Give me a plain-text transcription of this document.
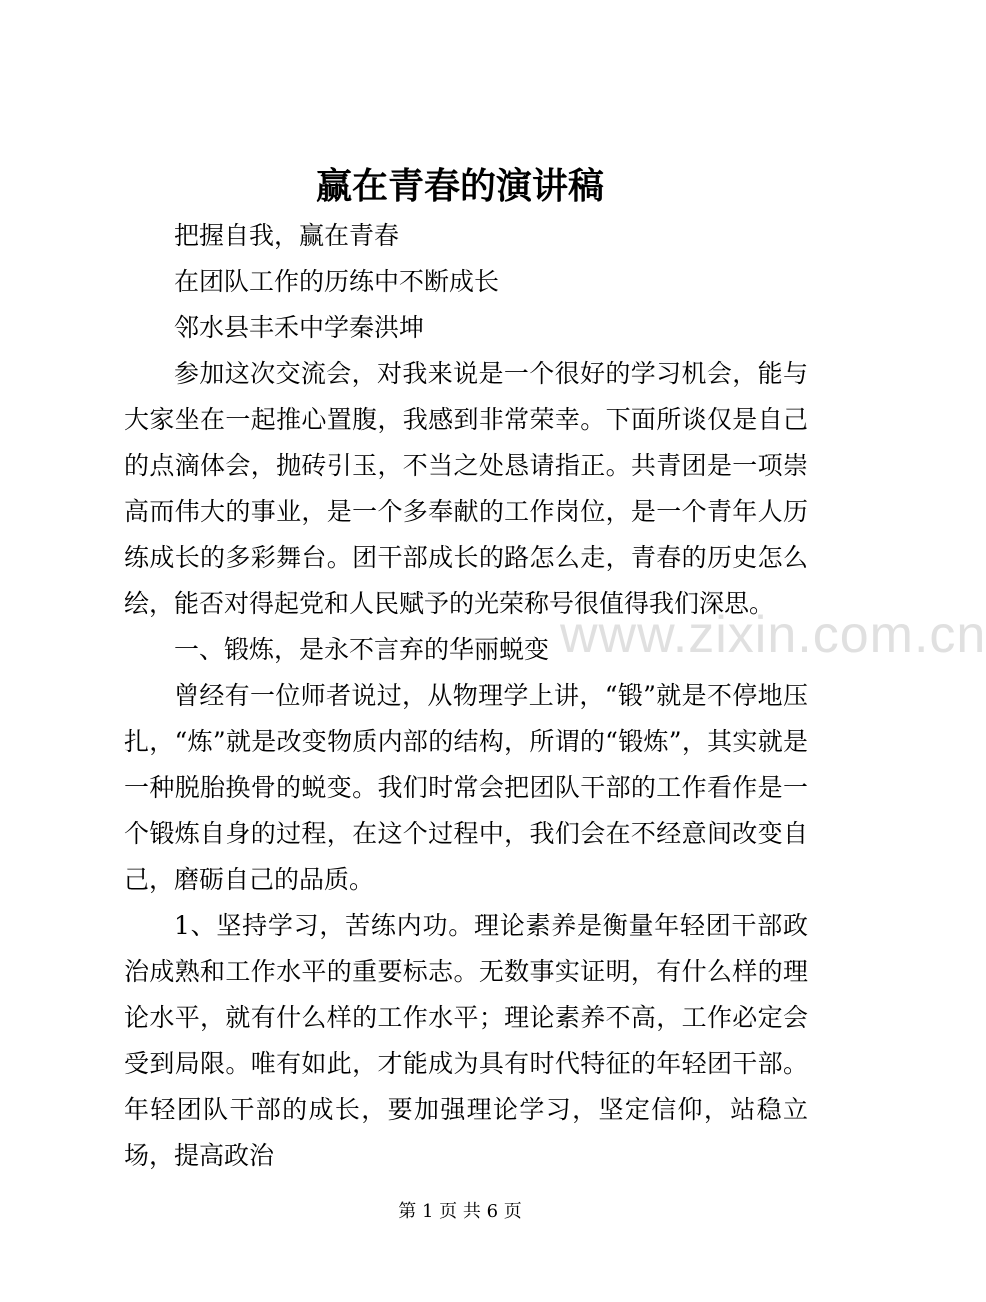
赢在青春的演讲稿

把握自我，赢在青春

在团队工作的历练中不断成长

邻水县丰禾中学秦洪坤

参加这次交流会，对我来说是一个很好的学习机会，能与大家坐在一起推心置腹，我感到非常荣幸。下面所谈仅是自己的点滴体会，抛砖引玉，不当之处恳请指正。共青团是一项崇高而伟大的事业，是一个多奉献的工作岗位，是一个青年人历练成长的多彩舞台。团干部成长的路怎么走，青春的历史怎么绘，能否对得起党和人民赋予的光荣称号很值得我们深思。

一、锻炼，是永不言弃的华丽蜕变

曾经有一位师者说过，从物理学上讲，“锻”就是不停地压扎，“炼”就是改变物质内部的结构，所谓的“锻炼”，其实就是一种脱胎换骨的蜕变。我们时常会把团队干部的工作看作是一个锻炼自身的过程，在这个过程中，我们会在不经意间改变自己，磨砺自己的品质。

1、坚持学习，苦练内功。理论素养是衡量年轻团干部政治成熟和工作水平的重要标志。无数事实证明，有什么样的理论水平，就有什么样的工作水平；理论素养不高，工作必定会受到局限。唯有如此，才能成为具有时代特征的年轻团干部。年轻团队干部的成长，要加强理论学习，坚定信仰，站稳立场，提高政治

www.zixin.com.cn
第 1 页 共 6 页
